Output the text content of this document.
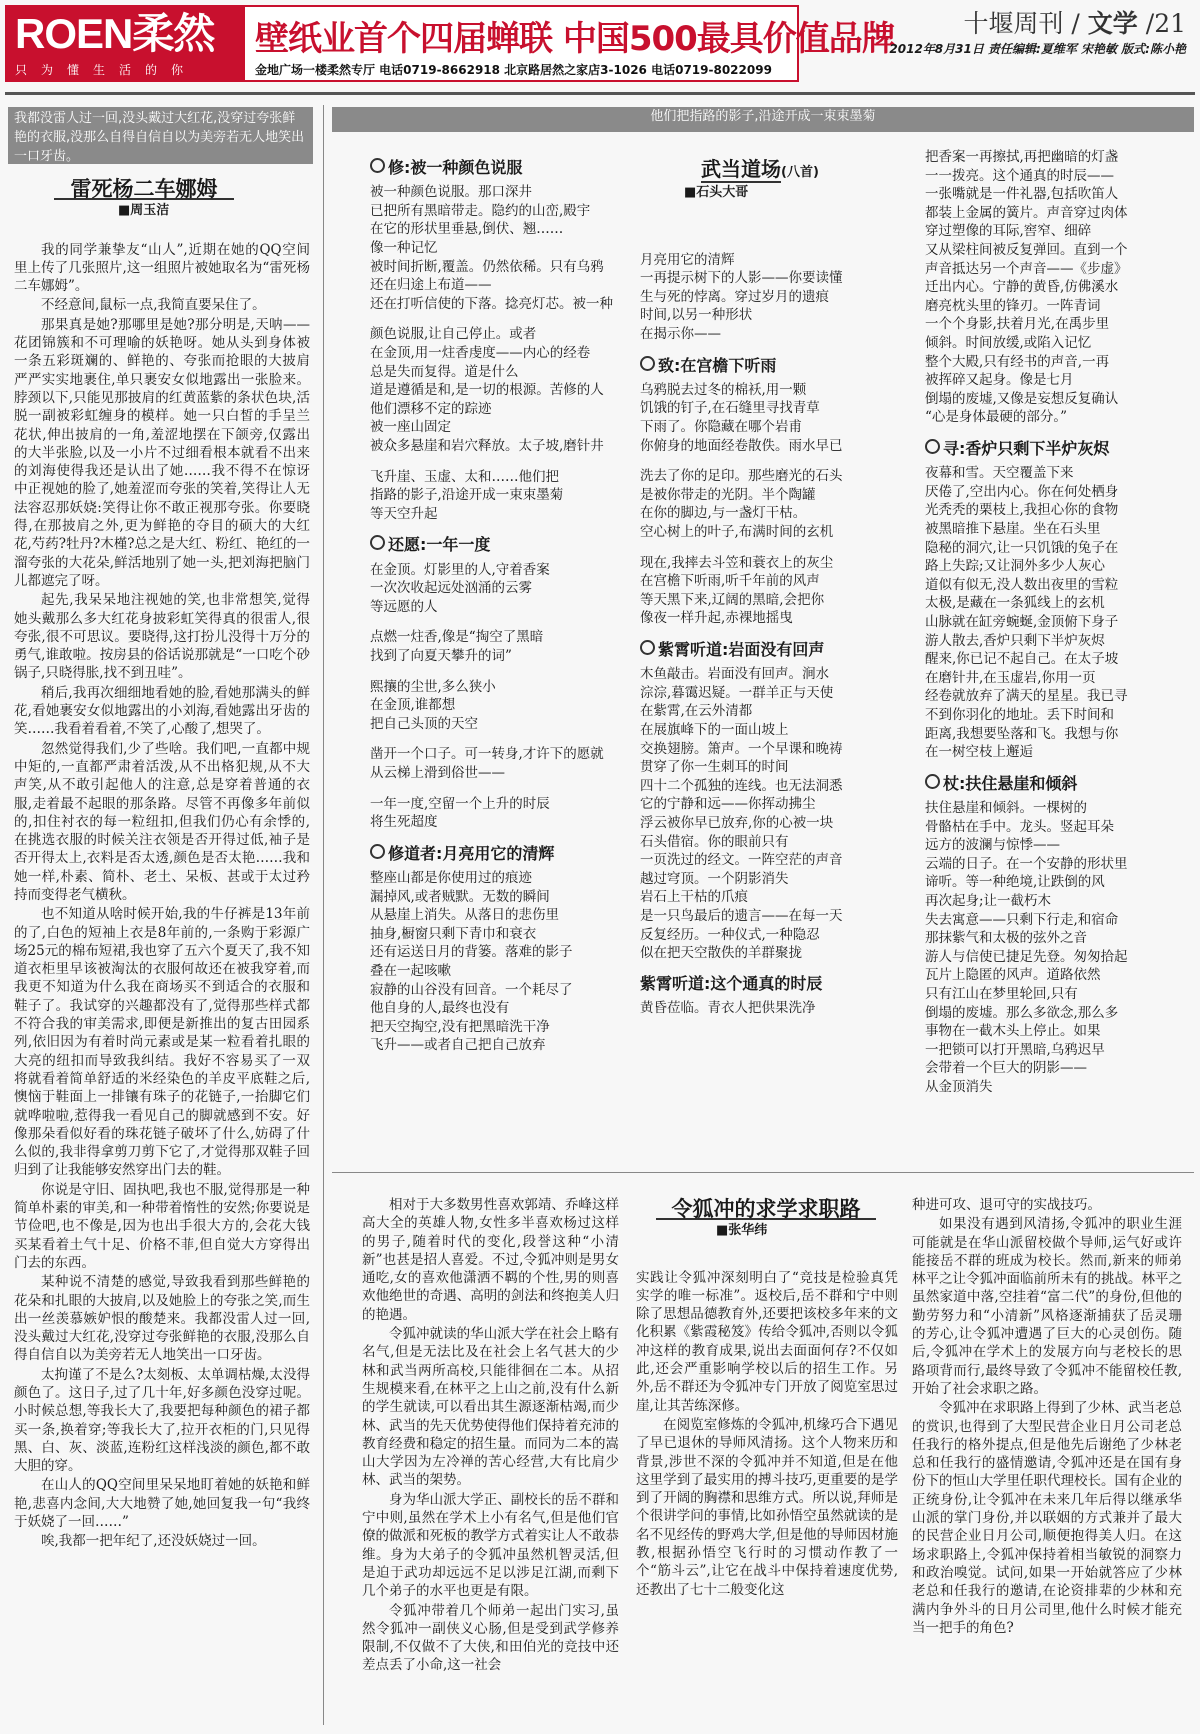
ROEN柔然
只为懂生活的你
壁纸业首个四届蝉联 中国500最具价值品牌
金地广场一楼柔然专厅 电话0719-8662918 北京路居然之家店3-1026 电话0719-8022099
十堰周刊 / 文学 /21
2012年8月31日 责任编辑:夏维军 宋艳敏 版式:陈小艳
我都没雷人过一回,没头戴过大红花,没穿过夸张鲜艳的衣服,没那么自得自信自以为美旁若无人地笑出一口牙齿。
雷死杨二车娜姆
■周玉洁

我的同学兼挚友“山人”,近期在她的QQ空间里上传了几张照片,这一组照片被她取名为“雷死杨二车娜姆”。

不经意间,鼠标一点,我简直要呆住了。

那果真是她?那哪里是她?那分明是,天呐——花团锦簇和不可理喻的妖艳呀。她从头到身体被一条五彩斑斓的、鲜艳的、夸张而抢眼的大披肩严严实实地裹住,单只裹安女似地露出一张脸来。脖颈以下,只能见那披肩的红黄蓝紫的条状色块,活脱一副被彩虹缠身的模样。她一只白皙的手呈兰花状,伸出披肩的一角,羞涩地摆在下颌旁,仅露出的大半张脸,以及一小片不过细看根本就看不出来的刘海使得我还是认出了她……我不得不在惊讶中正视她的脸了,她羞涩而夸张的笑着,笑得让人无法容忍那妖娆:笑得让你不敢正视那夸张。你要晓得,在那披肩之外,更为鲜艳的夺目的硕大的大红花,芍药?牡丹?木槿?总之是大红、粉红、艳红的一溜夸张的大花朵,鲜活地别了她一头,把刘海把脑门儿都遮完了呀。

起先,我呆呆地注视她的笑,也非常想笑,觉得她头戴那么多大红花身披彩虹笑得真的很雷人,很夸张,很不可思议。要晓得,这打扮儿没得十万分的勇气,谁敢啦。按房县的俗话说那就是“一口吃个砂锅子,只晓得胀,找不到丑哇”。

稍后,我再次细细地看她的脸,看她那满头的鲜花,看她裹安女似地露出的小刘海,看她露出牙齿的笑……我看着看着,不笑了,心酸了,想哭了。

忽然觉得我们,少了些啥。我们吧,一直都中规中矩的,一直都严肃着活泼,从不出格犯规,从不大声笑,从不敢引起他人的注意,总是穿着普通的衣服,走着最不起眼的那条路。尽管不再像多年前似的,扣住衬衣的每一粒纽扣,但我们仍心有余悸的,在挑选衣服的时候关注衣领是否开得过低,袖子是否开得太上,衣料是否太透,颜色是否太艳……我和她一样,朴素、简朴、老土、呆板、甚或于太过矜持而变得老气横秋。

也不知道从啥时候开始,我的牛仔裤是13年前的了,白色的短袖上衣是8年前的,一条购于彩源广场25元的棉布短裙,我也穿了五六个夏天了,我不知道衣柜里早该被淘汰的衣服何故还在被我穿着,而我更不知道为什么我在商场买不到适合的衣服和鞋子了。我试穿的兴趣都没有了,觉得那些样式都不符合我的审美需求,即便是新推出的复古田园系列,依旧因为有着时尚元素或是某一粒看着扎眼的大亮的纽扣而导致我纠结。我好不容易买了一双将就看着简单舒适的米经染色的羊皮平底鞋之后,懊恼于鞋面上一排镶有珠子的花链子,一抬脚它们就哗啦啦,惹得我一看见自己的脚就感到不安。好像那朵看似好看的珠花链子破坏了什么,妨碍了什么似的,我非得拿剪刀剪下它了,才觉得那双鞋子回归到了让我能够安然穿出门去的鞋。

你说是守旧、固执吧,我也不服,觉得那是一种简单朴素的审美,和一种带着惰性的安然;你要说是节俭吧,也不像是,因为也出手很大方的,会花大钱买某看着土气十足、价格不菲,但自觉大方穿得出门去的东西。

某种说不清楚的感觉,导致我看到那些鲜艳的花朵和扎眼的大披肩,以及她脸上的夸张之笑,而生出一丝羡慕嫉妒恨的酸楚来。我都没雷人过一回,没头戴过大红花,没穿过夸张鲜艳的衣服,没那么自得自信自以为美旁若无人地笑出一口牙齿。

太拘谨了不是么?太刻板、太单调枯燥,太没得颜色了。这日子,过了几十年,好多颜色没穿过呢。小时候总想,等我长大了,我要把每种颜色的裙子都买一条,换着穿;等我长大了,拉开衣柜的门,只见得黑、白、灰、淡蓝,连粉红这样浅淡的颜色,都不敢大胆的穿。

在山人的QQ空间里呆呆地盯着她的妖艳和鲜艳,悲喜内念间,大大地赞了她,她回复我一句“我终于妖娆了一回……”

唉,我都一把年纪了,还没妖娆过一回。

他们把指路的影子,沿途开成一束束墨菊
修:被一种颜色说服
被一种颜色说服。那口深井
已把所有黑暗带走。隐约的山峦,殿宇
在它的形状里垂悬,倒伏、翘……
像一种记忆
被时间折断,覆盖。仍然依稀。只有乌鸦
还在归途上布道——
还在打听信使的下落。捻亮灯芯。被一种
颜色说服,让自己停止。或者
在金顶,用一炷香虔度——内心的经卷
总是失而复得。道是什么
道是遵循是和,是一切的根源。苦修的人
他们漂移不定的踪迹
被一座山固定
被众多悬崖和岩穴释放。太子坡,磨针井
飞升崖、玉虚、太和……他们把
指路的影子,沿途开成一束束墨菊
等天空升起
还愿:一年一度
在金顶。灯影里的人,守着香案
一次次收起远处汹涌的云雾
等远愿的人
点燃一炷香,像是“掏空了黑暗
找到了向夏天攀升的词”
熙攘的尘世,多么狭小
在金顶,谁都想
把自己头顶的天空
凿开一个口子。可一转身,才许下的愿就
从云梯上滑到俗世——
一年一度,空留一个上升的时辰
将生死超度
修道者:月亮用它的清辉
整座山都是你使用过的痕迹
漏掉风,或者贼默。无数的瞬间
从悬崖上消失。从落日的悲伤里
抽身,橱窗只剩下青巾和衰衣
还有运送日月的背篓。落难的影子
叠在一起咳嗽
寂静的山谷没有回音。一个耗尽了
他自身的人,最终也没有
把天空掏空,没有把黑暗洗干净
飞升——或者自己把自己放弃
武当道场(八首)
■石头大哥
月亮用它的清辉
一再提示树下的人影——你要读懂
生与死的悖离。穿过岁月的遗痕
时间,以另一种形状
在揭示你——
致:在宫檐下听雨
乌鸦脱去过冬的棉袄,用一颗
饥饿的钉子,在石缝里寻找青草
下雨了。你隐藏在哪个岩甫
你俯身的地面经卷散佚。雨水早已
洗去了你的足印。那些磨光的石头
是被你带走的光阴。半个陶罐
在你的脚边,与一盏灯干枯。
空心树上的叶子,布满时间的玄机
现在,我摔去斗笠和蓑衣上的灰尘
在宫檐下听雨,听千年前的风声
等天黑下来,辽阔的黑暗,会把你
像夜一样升起,赤裸地摇曳
紫霄听道:岩面没有回声
木鱼敲击。岩面没有回声。涧水
淙淙,暮霭迟疑。一群羊正与天使
在紫霄,在云外清都
在展旗峰下的一面山坡上
交换翅膀。箫声。一个早课和晚祷
贯穿了你一生刺耳的时间
四十二个孤独的连线。也无法洞悉
它的宁静和远——你挥动拂尘
浮云被你早已放弃,你的心被一块
石头借宿。你的眼前只有
一页洗过的经文。一阵空茫的声音
越过穹顶。一个阴影消失
岩石上干枯的爪痕
是一只鸟最后的遗言——在每一天
反复经历。一种仪式,一种隐忍
似在把天空散佚的羊群聚拢
紫霄听道:这个通真的时辰
黄昏莅临。青衣人把供果洗净
把香案一再擦拭,再把幽暗的灯盏
一一拨亮。这个通真的时辰——
一张嘴就是一件礼器,包括吹笛人
都装上金属的簧片。声音穿过肉体
穿过塑像的耳际,窖窄、细碎
又从梁柱间被反复弹回。直到一个
声音抵达另一个声音——《步虚》
迁出内心。宁静的黄昏,仿佛溪水
磨亮枕头里的锋刃。一阵青词
一个个身影,扶着月光,在禹步里
倾斜。时间放缓,或陷入记忆
整个大殿,只有经书的声音,一再
被挥碎又起身。像是七月
倒塌的废墟,又像是妄想反复确认
“心是身体最硬的部分。”
寻:香炉只剩下半炉灰烬
夜幕和雪。天空覆盖下来
厌倦了,空出内心。你在何处栖身
光秃秃的栗枝上,我担心你的食物
被黑暗推下悬崖。坐在石头里
隐秘的洞穴,让一只饥饿的兔子在
路上失踪;又让洞外多少人灰心
道似有似无,没人数出夜里的雪粒
太极,是藏在一条狐线上的玄机
山脉就在缸旁蜿蜒,金顶俯下身子
游人散去,香炉只剩下半炉灰烬
醒来,你已记不起自己。在太子坡
在磨针井,在玉虚岩,你用一页
经卷就放弃了满天的星星。我已寻
不到你羽化的地址。丢下时间和
距离,我想要坠落和飞。我想与你
在一树空枝上邂逅
杖:扶住悬崖和倾斜
扶住悬崖和倾斜。一棵树的
骨骼枯在手中。龙头。竖起耳朵
远方的波澜与惊悸——
云端的日子。在一个安静的形状里
谛听。等一种绝境,让跌倒的风
再次起身;让一截朽木
失去寓意——只剩下行走,和宿命
那抹紫气和太极的弦外之音
游人与信使已捷足先登。匆匆拾起
瓦片上隐匿的风声。道路依然
只有江山在梦里轮回,只有
倒塌的废墟。那么多欲念,那么多
事物在一截木头上停止。如果
一把锁可以打开黑暗,乌鸦迟早
会带着一个巨大的阴影——
从金顶消失

相对于大多数男性喜欢郭靖、乔峰这样高大全的英雄人物,女性多半喜欢杨过这样的男子,随着时代的变化,段誉这种“小清新”也甚是招人喜爱。不过,令狐冲则是男女通吃,女的喜欢他潇洒不羁的个性,男的则喜欢他绝世的奇遇、高明的剑法和终抱美人归的艳遇。

令狐冲就读的华山派大学在社会上略有名气,但是无法比及在社会上名气甚大的少林和武当两所高校,只能徘徊在二本。从招生规模来看,在林平之上山之前,没有什么新的学生就读,可以看出其生源逐渐枯竭,而少林、武当的先天优势使得他们保持着充沛的教育经费和稳定的招生量。而同为二本的嵩山大学因为左冷禅的苦心经营,大有比肩少林、武当的架势。

身为华山派大学正、副校长的岳不群和宁中则,虽然在学术上小有名气,但是他们官僚的做派和死板的教学方式着实让人不敢恭维。身为大弟子的令狐冲虽然机智灵活,但是迫于武功却远远不足以涉足江湖,而剩下几个弟子的水平也更是有限。

令狐冲带着几个师弟一起出门实习,虽然令狐冲一副侠义心肠,但是受到武学修养限制,不仅做不了大侠,和田伯光的竞技中还差点丢了小命,这一社会

令狐冲的求学求职路
■张华纬

实践让令狐冲深刻明白了“竞技是检验真凭实学的唯一标准”。返校后,岳不群和宁中则除了思想品德教育外,还要把该校多年来的文化积累《紫霞秘笈》传给令狐冲,否则以令狐冲这样的教育成果,说出去面面何存?不仅如此,还会严重影响学校以后的招生工作。另外,岳不群还为令狐冲专门开放了阅览室思过崖,让其苦练深修。

在阅览室修炼的令狐冲,机缘巧合下遇见了早已退休的导师风清扬。这个人物来历和背景,涉世不深的令狐冲并不知道,但是在他这里学到了最实用的搏斗技巧,更重要的是学到了开阔的胸襟和思维方式。所以说,拜师是个很讲学问的事情,比如孙悟空虽然就读的是名不见经传的野鸡大学,但是他的导师因材施教,根据孙悟空飞行时的习惯动作教了一个“筋斗云”,让它在战斗中保持着速度优势,还教出了七十二般变化这

种进可攻、退可守的实战技巧。

如果没有遇到风清扬,令狐冲的职业生涯可能就是在华山派留校做个导师,运气好或许能接岳不群的班成为校长。然而,新来的师弟林平之让令狐冲面临前所未有的挑战。林平之虽然家道中落,空挂着“富二代”的身份,但他的勤劳努力和“小清新”风格逐渐捕获了岳灵珊的芳心,让令狐冲遭遇了巨大的心灵创伤。随后,令狐冲在学术上的发展方向与老校长的思路项背而行,最终导致了令狐冲不能留校任教,开始了社会求职之路。

令狐冲在求职路上得到了少林、武当老总的赏识,也得到了大型民营企业日月公司老总任我行的格外提点,但是他先后谢绝了少林老总和任我行的盛情邀请,令狐冲还是在国有身份下的恒山大学里任职代理校长。国有企业的正统身份,让令狐冲在未来几年后得以继承华山派的掌门身份,并以联姻的方式兼并了最大的民营企业日月公司,顺便抱得美人归。在这场求职路上,令狐冲保持着相当敏锐的洞察力和政治嗅觉。试问,如果一开始就答应了少林老总和任我行的邀请,在论资排辈的少林和充满内争外斗的日月公司里,他什么时候才能充当一把手的角色?
